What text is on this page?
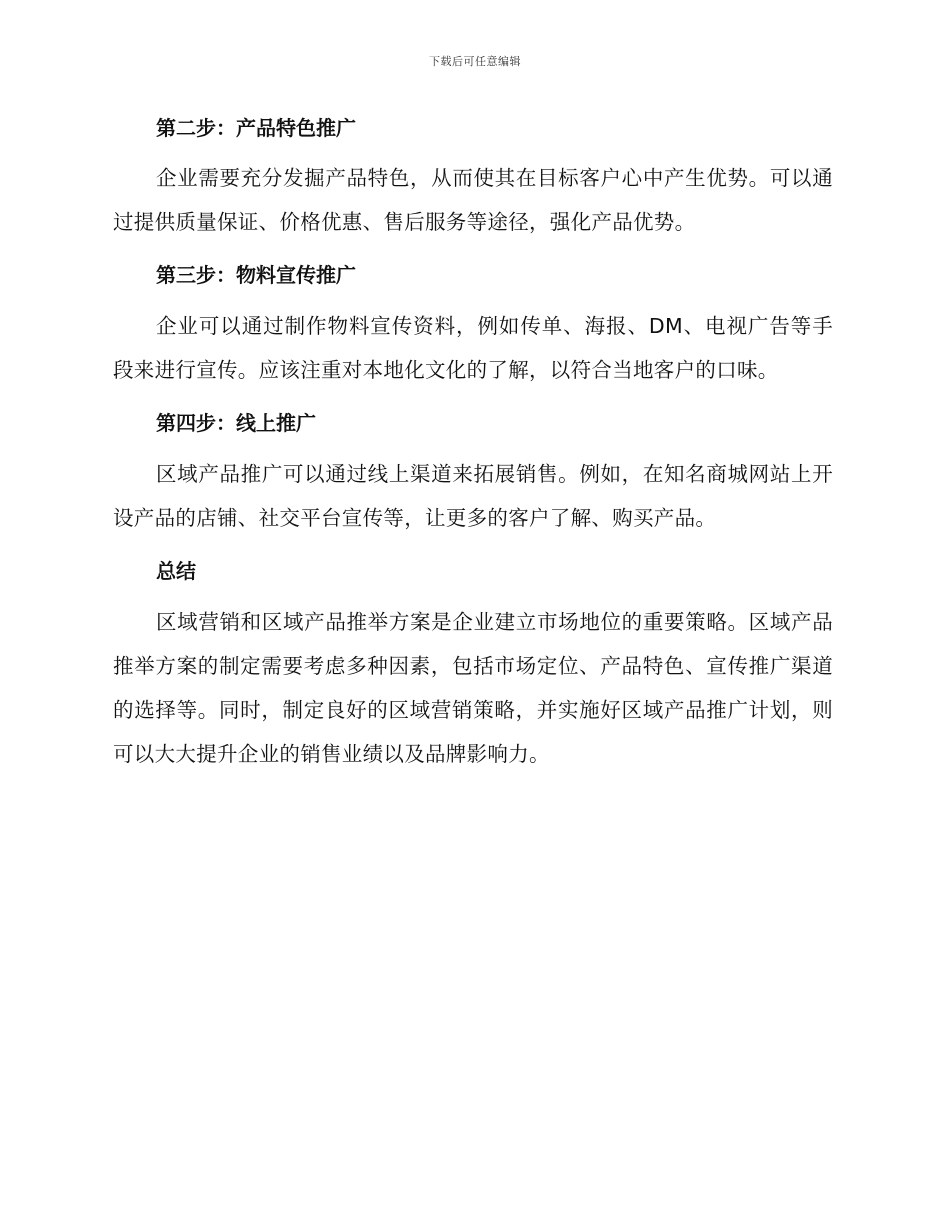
下载后可任意编辑
第二步：产品特色推广

企业需要充分发掘产品特色，从而使其在目标客户心中产生优势。可以通过提供质量保证、价格优惠、售后服务等途径，强化产品优势。

第三步：物料宣传推广

企业可以通过制作物料宣传资料，例如传单、海报、DM、电视广告等手段来进行宣传。应该注重对本地化文化的了解，以符合当地客户的口味。

第四步：线上推广

区域产品推广可以通过线上渠道来拓展销售。例如，在知名商城网站上开设产品的店铺、社交平台宣传等，让更多的客户了解、购买产品。

总结

区域营销和区域产品推举方案是企业建立市场地位的重要策略。区域产品推举方案的制定需要考虑多种因素，包括市场定位、产品特色、宣传推广渠道的选择等。同时，制定良好的区域营销策略，并实施好区域产品推广计划，则可以大大提升企业的销售业绩以及品牌影响力。
